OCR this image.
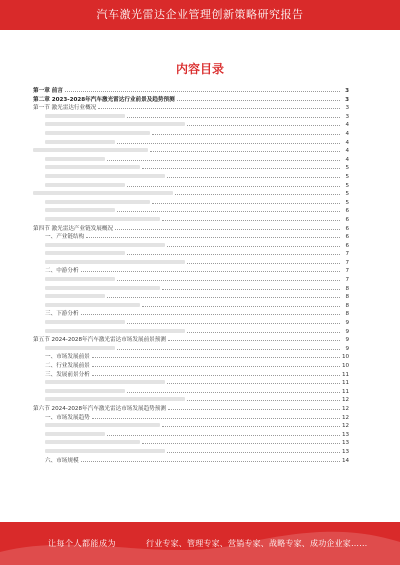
汽车激光雷达企业管理创新策略研究报告
内容目录
第一章 前言	3
第二章 2023-2028年汽车激光雷达行业前景及趋势预测	3
第一节 激光雷达行业概况	3
3
4
4
4
4
4
5
5
5
5
5
6
6
第四节 激光雷达产业链发展概况	6
一、产业链结构	6
6
7
7
二、中游分析	7
7
8
8
8
三、下游分析	8
9
9
第五节 2024-2028年汽车激光雷达市场发展前景预测	9
9
一、市场发展前景	10
二、行业发展前景	10
三、发展前景分析	11
11
11
12
第六节 2024-2028年汽车激光雷达市场发展趋势预测	12
一、市场发展趋势	12
12
13
13
13
六、市场规模	14
让每个人都能成为	行业专家、管理专家、营销专家、战略专家、成功企业家……
